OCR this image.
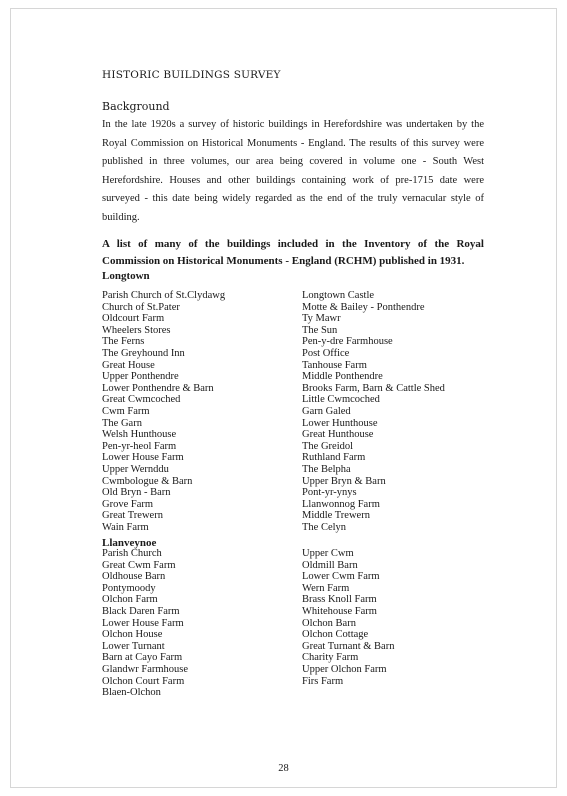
HISTORIC BUILDINGS SURVEY
Background
In the late 1920s a survey of historic buildings in Herefordshire was undertaken by the Royal Commission on Historical Monuments - England. The results of this survey were published in three volumes, our area being covered in volume one - South West Herefordshire. Houses and other buildings containing work of pre-1715 date were surveyed - this date being widely regarded as the end of the truly vernacular style of building.
A list of many of the buildings included in the Inventory of the Royal Commission on Historical Monuments - England (RCHM) published in 1931.
Longtown
Parish Church of St.Clydawg
Church of St.Pater
Oldcourt Farm
Wheelers Stores
The Ferns
The Greyhound Inn
Great House
Upper Ponthendre
Lower Ponthendre & Barn
Great Cwmcoched
Cwm Farm
The Garn
Welsh Hunthouse
Pen-yr-heol Farm
Lower House Farm
Upper Wernddu
Cwmbologue & Barn
Old Bryn - Barn
Grove Farm
Great Trewern
Wain Farm
Longtown Castle
Motte & Bailey - Ponthendre
Ty Mawr
The Sun
Pen-y-dre Farmhouse
Post Office
Tanhouse Farm
Middle Ponthendre
Brooks Farm, Barn & Cattle Shed
Little Cwmcoched
Garn Galed
Lower Hunthouse
Great Hunthouse
The Greidol
Ruthland Farm
The Belpha
Upper Bryn & Barn
Pont-yr-ynys
Llanwonnog Farm
Middle Trewern
The Celyn
Llanveynoe
Parish Church
Great Cwm Farm
Oldhouse Barn
Pontymoody
Olchon Farm
Black Daren Farm
Lower House Farm
Olchon House
Lower Turnant
Barn at Cayo Farm
Glandwr Farmhouse
Olchon Court Farm
Blaen-Olchon
Upper Cwm
Oldmill Barn
Lower Cwm Farm
Wern Farm
Brass Knoll Farm
Whitehouse Farm
Olchon Barn
Olchon Cottage
Great Turnant & Barn
Charity Farm
Upper Olchon Farm
Firs Farm
28
